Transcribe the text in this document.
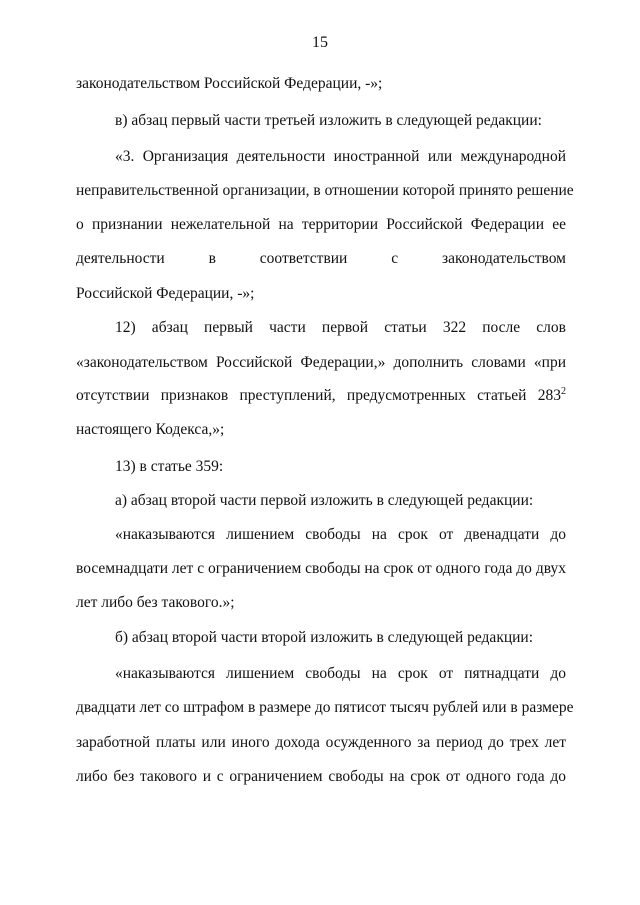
15
законодательством Российской Федерации, -»;
в) абзац первый части третьей изложить в следующей редакции:
«3. Организация деятельности иностранной или международной
неправительственной организации, в отношении которой принято решение
о признании нежелательной на территории Российской Федерации ее
деятельности в соответствии с законодательством
Российской Федерации, -»;
12) абзац первый части первой статьи 322 после слов
«законодательством Российской Федерации,» дополнить словами «при
отсутствии признаков преступлений, предусмотренных статьей $283^2$
настоящего Кодекса,»;
13) в статье 359:
а) абзац второй части первой изложить в следующей редакции:
«наказываются лишением свободы на срок от двенадцати до
восемнадцати лет с ограничением свободы на срок от одного года до двух
лет либо без такового.»;
б) абзац второй части второй изложить в следующей редакции:
«наказываются лишением свободы на срок от пятнадцати до
двадцати лет со штрафом в размере до пятисот тысяч рублей или в размере
заработной платы или иного дохода осужденного за период до трех лет
либо без такового и с ограничением свободы на срок от одного года до
